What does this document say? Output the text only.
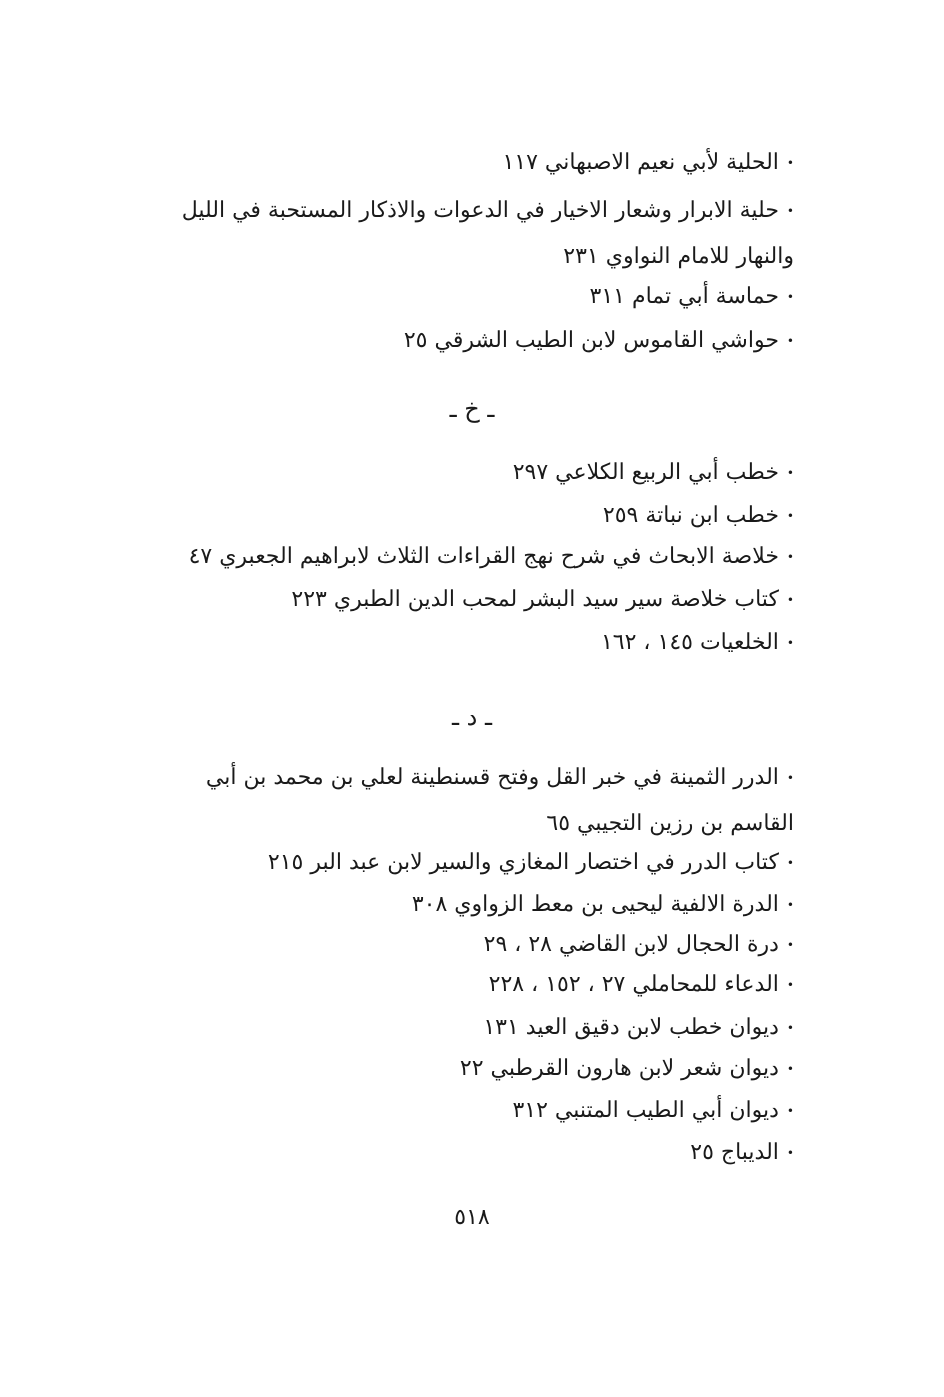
•الحلية لأبي نعيم الاصبهاني ١١٧
•حلية الابرار وشعار الاخيار في الدعوات والاذكار المستحبة في الليل والنهار للامام النواوي ٢٣١
•حماسة أبي تمام ٣١١
•حواشي القاموس لابن الطيب الشرقي ٢٥
ـ خ ـ
•خطب أبي الربيع الكلاعي ٢٩٧
•خطب ابن نباتة ٢٥٩
•خلاصة الابحاث في شرح نهج القراءات الثلاث لابراهيم الجعبري ٤٧
•كتاب خلاصة سير سيد البشر لمحب الدين الطبري ٢٢٣
•الخلعيات ١٤٥ ، ١٦٢
ـ د ـ
•الدرر الثمينة في خبر القل وفتح قسنطينة لعلي بن محمد بن أبي القاسم بن رزين التجيبي ٦٥
•كتاب الدرر في اختصار المغازي والسير لابن عبد البر ٢١٥
•الدرة الالفية ليحيى بن معط الزواوي ٣٠٨
•درة الحجال لابن القاضي ٢٨ ، ٢٩
•الدعاء للمحاملي ٢٧ ، ١٥٢ ، ٢٢٨
•ديوان خطب لابن دقيق العيد ١٣١
•ديوان شعر لابن هارون القرطبي ٢٢
•ديوان أبي الطيب المتنبي ٣١٢
•الديباج ٢٥
٥١٨
